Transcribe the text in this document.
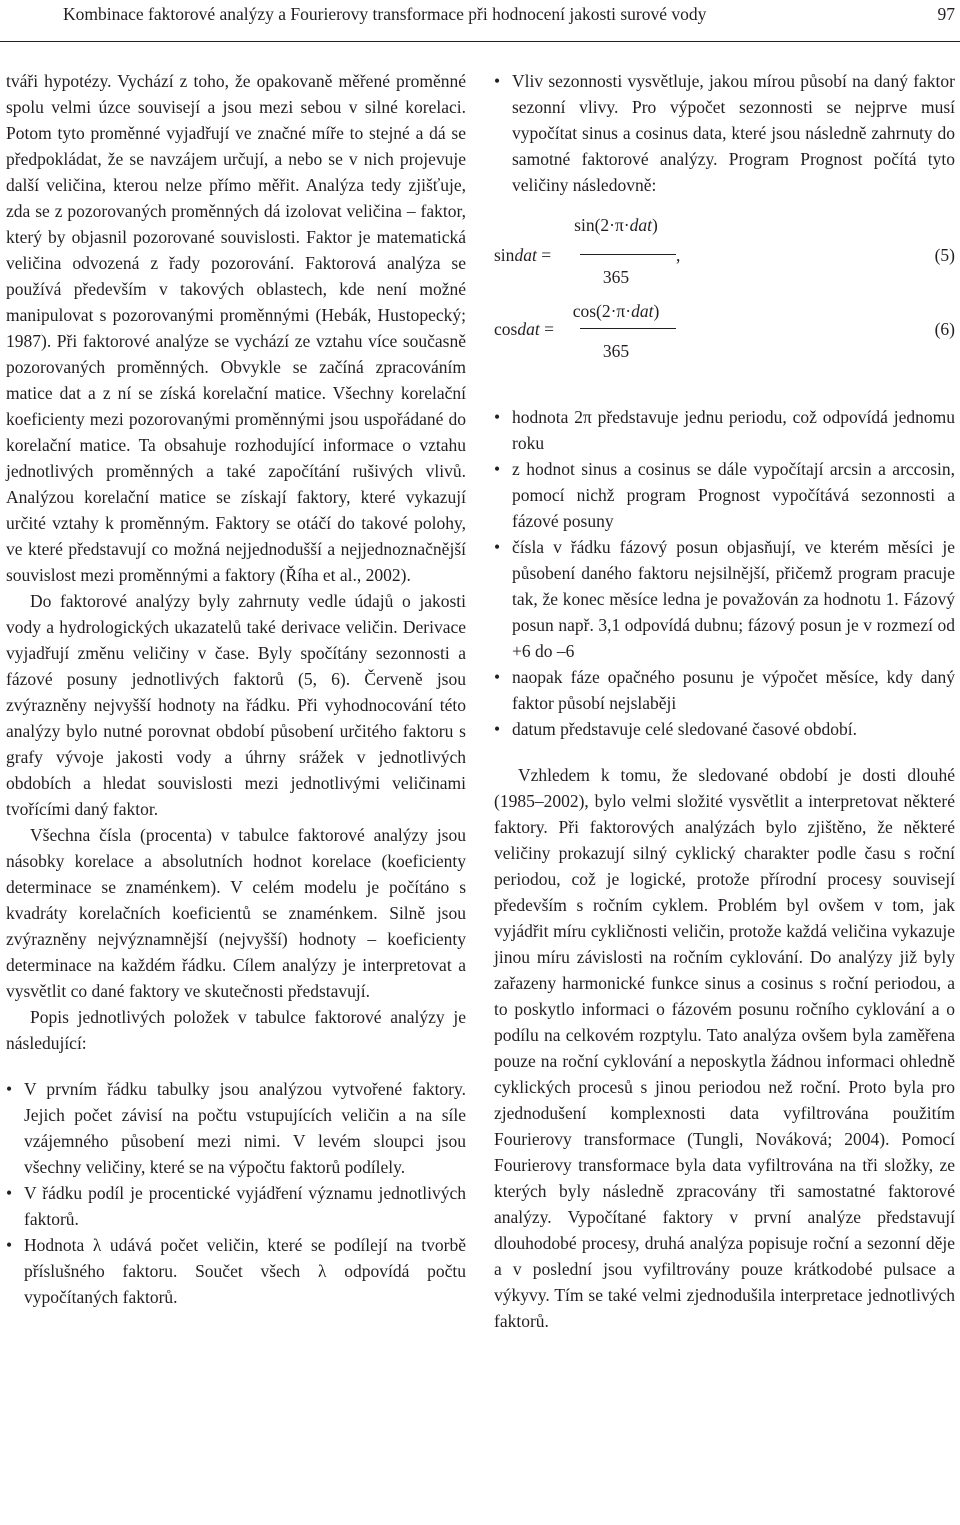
Kombinace faktorové analýzy a Fourierovy transformace při hodnocení jakosti surové vody	97

tváři hypotézy. Vychází z toho, že opakovaně měřené proměnné spolu velmi úzce souvisejí a jsou mezi sebou v silné korelaci. Potom tyto proměnné vyjadřují ve značné míře to stejné a dá se předpokládat, že se navzájem určují, a nebo se v nich projevuje další veličina, kterou nelze přímo měřit. Analýza tedy zjišťuje, zda se z pozorovaných proměnných dá izolovat veličina – faktor, který by objasnil pozorované souvislosti. Faktor je matematická veličina odvozená z řady pozorování. Faktorová analýza se používá především v takových oblastech, kde není možné manipulovat s pozorovanými proměnnými (Hebák, Hustopecký; 1987). Při faktorové analýze se vychází ze vztahu více současně pozorovaných proměnných. Obvykle se začíná zpracováním matice dat a z ní se získá korelační matice. Všechny korelační koeficienty mezi pozorovanými proměnnými jsou uspořádané do korelační matice. Ta obsahuje rozhodující informace o vztahu jednotlivých proměnných a také započítání rušivých vlivů. Analýzou korelační matice se získají faktory, které vykazují určité vztahy k proměnným. Faktory se otáčí do takové polohy, ve které představují co možná nejjednodušší a nejjednoznačnější souvislost mezi proměnnými a faktory (Říha et al., 2002).

Do faktorové analýzy byly zahrnuty vedle údajů o jakosti vody a hydrologických ukazatelů také derivace veličin. Derivace vyjadřují změnu veličiny v čase. Byly spočítány sezonnosti a fázové posuny jednotlivých faktorů (5, 6). Červeně jsou zvýrazněny nejvyšší hodnoty na řádku. Při vyhodnocování této analýzy bylo nutné porovnat období působení určitého faktoru s grafy vývoje jakosti vody a úhrny srážek v jednotlivých obdobích a hledat souvislosti mezi jednotlivými veličinami tvořícími daný faktor.

Všechna čísla (procenta) v tabulce faktorové analýzy jsou násobky korelace a absolutních hodnot korelace (koeficienty determinace se znaménkem). V celém modelu je počítáno s kvadráty korelačních koeficientů se znaménkem. Silně jsou zvýrazněny nejvýznamnější (nejvyšší) hodnoty – koeficienty determinace na každém řádku. Cílem analýzy je interpretovat a vysvětlit co dané faktory ve skutečnosti představují.

Popis jednotlivých položek v tabulce faktorové analýzy je následující:

• V prvním řádku tabulky jsou analýzou vytvořené faktory. Jejich počet závisí na počtu vstupujících veličin a na síle vzájemného působení mezi nimi. V levém sloupci jsou všechny veličiny, které se na výpočtu faktorů podílely.
• V řádku podíl je procentické vyjádření významu jednotlivých faktorů.
• Hodnota λ udává počet veličin, které se podílejí na tvorbě příslušného faktoru. Součet všech λ odpovídá počtu vypočítaných faktorů.
• Vliv sezonnosti vysvětluje, jakou mírou působí na daný faktor sezonní vlivy. Pro výpočet sezonnosti se nejprve musí vypočítat sinus a cosinus data, které jsou následně zahrnuty do samotné faktorové analýzy. Program Prognost počítá tyto veličiny následovně:
sin(2·π·dat)
sindat =	,
365
(5)
cos(2·π·dat)
cosdat =
365
(6)
• hodnota 2π představuje jednu periodu, což odpovídá jednomu roku
• z hodnot sinus a cosinus se dále vypočítají arcsin a arccosin, pomocí nichž program Prognost vypočítává sezonnosti a fázové posuny
• čísla v řádku fázový posun objasňují, ve kterém měsíci je působení daného faktoru nejsilnější, přičemž program pracuje tak, že konec měsíce ledna je považován za hodnotu 1. Fázový posun např. 3,1 odpovídá dubnu; fázový posun je v rozmezí od +6 do –6
• naopak fáze opačného posunu je výpočet měsíce, kdy daný faktor působí nejslaběji
• datum představuje celé sledované časové období.

Vzhledem k tomu, že sledované období je dosti dlouhé (1985–2002), bylo velmi složité vysvětlit a interpretovat některé faktory. Při faktorových analýzách bylo zjištěno, že některé veličiny prokazují silný cyklický charakter podle času s roční periodou, což je logické, protože přírodní procesy souvisejí především s ročním cyklem. Problém byl ovšem v tom, jak vyjádřit míru cykličnosti veličin, protože každá veličina vykazuje jinou míru závislosti na ročním cyklování. Do analýzy již byly zařazeny harmonické funkce sinus a cosinus s roční periodou, a to poskytlo informaci o fázovém posunu ročního cyklování a o podílu na celkovém rozptylu. Tato analýza ovšem byla zaměřena pouze na roční cyklování a neposkytla žádnou informaci ohledně cyklických procesů s jinou periodou než roční. Proto byla pro zjednodušení komplexnosti data vyfiltrována použitím Fourierovy transformace (Tungli, Nováková; 2004). Pomocí Fourierovy transformace byla data vyfiltrována na tři složky, ze kterých byly následně zpracovány tři samostatné faktorové analýzy. Vypočítané faktory v první analýze představují dlouhodobé procesy, druhá analýza popisuje roční a sezonní děje a v poslední jsou vyfiltrovány pouze krátkodobé pulsace a výkyvy. Tím se také velmi zjednodušila interpretace jednotlivých faktorů.
